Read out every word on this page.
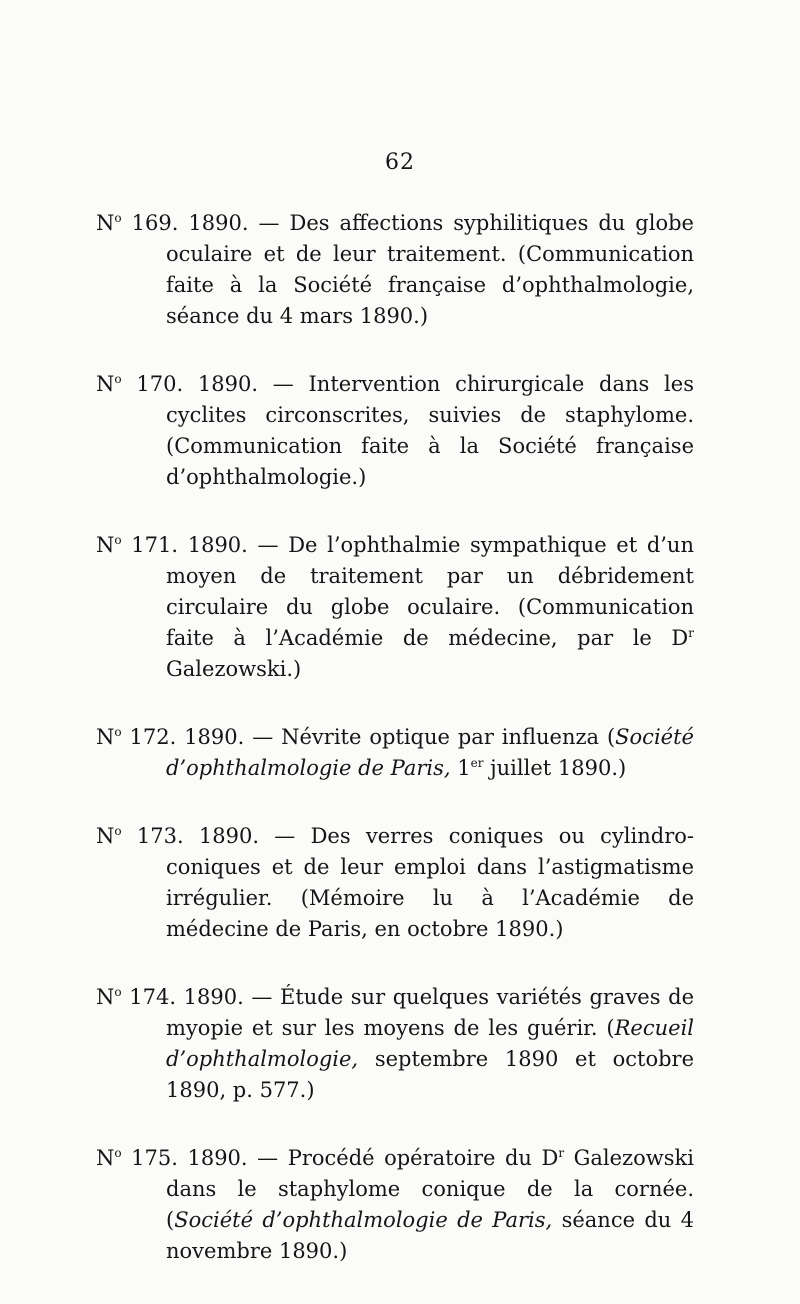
62

$N^o$ 169. 1890. — Des affections syphilitiques du globe oculaire et de leur traitement. (Communication faite à la Société française d’ophthalmologie, séance du 4 mars 1890.)

$N^o$ 170. 1890. — Intervention chirurgicale dans les cyclites circonscrites, suivies de staphylome. (Communication faite à la Société française d’ophthalmologie.)

$N^o$ 171. 1890. — De l’ophthalmie sympathique et d’un moyen de traitement par un débridement circulaire du globe oculaire. (Communication faite à l’Académie de médecine, par le $D^r$ Galezowski.)

$N^o$ 172. 1890. — Névrite optique par influenza (Société d’ophthalmologie de Paris, 1er juillet 1890.)

$N^o$ 173. 1890. — Des verres coniques ou cylindro-coniques et de leur emploi dans l’astigmatisme irrégulier. (Mémoire lu à l’Académie de médecine de Paris, en octobre 1890.)

$N^o$ 174. 1890. — Étude sur quelques variétés graves de myopie et sur les moyens de les guérir. (Recueil d’ophthalmologie, septembre 1890 et octobre 1890, p. 577.)

$N^o$ 175. 1890. — Procédé opératoire du $D^r$ Galezowski dans le staphylome conique de la cornée. (Société d’ophthalmologie de Paris, séance du 4 novembre 1890.)
